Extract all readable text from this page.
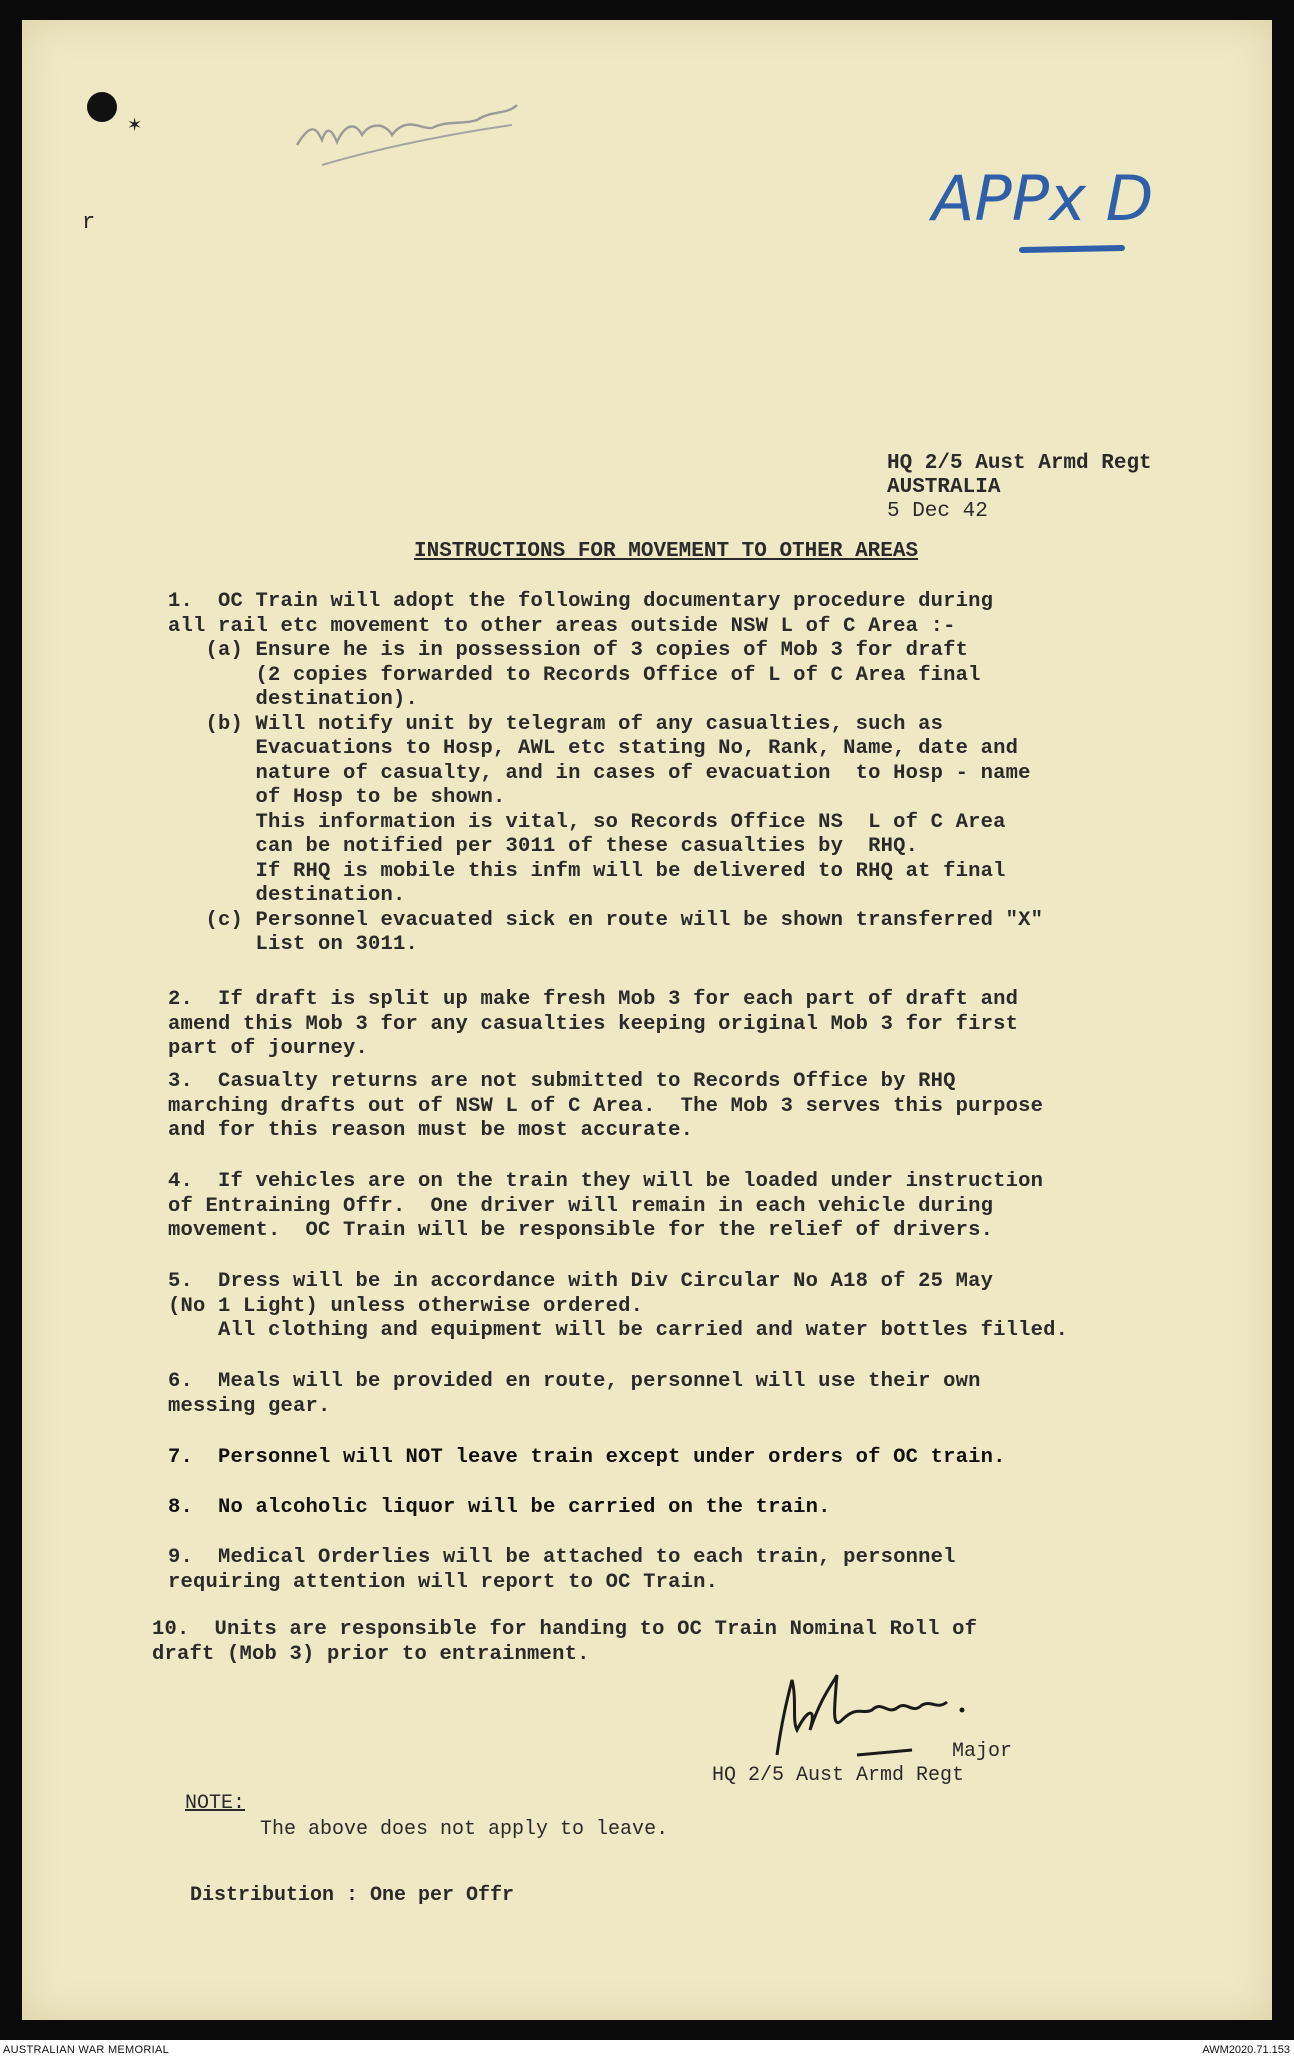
✶
r	APPx D
HQ 2/5 Aust Armd Regt
AUSTRALIA
5 Dec 42
INSTRUCTIONS FOR MOVEMENT TO OTHER AREAS
1.  OC Train will adopt the following documentary procedure during
all rail etc movement to other areas outside NSW L of C Area :-
(a) Ensure he is in possession of 3 copies of Mob 3 for draft
(2 copies forwarded to Records Office of L of C Area final
destination).
(b) Will notify unit by telegram of any casualties, such as
Evacuations to Hosp, AWL etc stating No, Rank, Name, date and
nature of casualty, and in cases of evacuation  to Hosp - name
of Hosp to be shown.
This information is vital, so Records Office NS  L of C Area
can be notified per 3011 of these casualties by  RHQ.
If RHQ is mobile this infm will be delivered to RHQ at final
destination.
(c) Personnel evacuated sick en route will be shown transferred "X"
List on 3011.
2.  If draft is split up make fresh Mob 3 for each part of draft and
amend this Mob 3 for any casualties keeping original Mob 3 for first
part of journey.
3.  Casualty returns are not submitted to Records Office by RHQ
marching drafts out of NSW L of C Area.  The Mob 3 serves this purpose
and for this reason must be most accurate.
4.  If vehicles are on the train they will be loaded under instruction
of Entraining Offr.  One driver will remain in each vehicle during
movement.  OC Train will be responsible for the relief of drivers.
5.  Dress will be in accordance with Div Circular No A18 of 25 May
(No 1 Light) unless otherwise ordered.
All clothing and equipment will be carried and water bottles filled.
6.  Meals will be provided en route, personnel will use their own
messing gear.
7.  Personnel will NOT leave train except under orders of OC train.
8.  No alcoholic liquor will be carried on the train.
9.  Medical Orderlies will be attached to each train, personnel
requiring attention will report to OC Train.
10.  Units are responsible for handing to OC Train Nominal Roll of
draft (Mob 3) prior to entrainment.
Major
HQ 2/5 Aust Armd Regt
NOTE:
The above does not apply to leave.
Distribution : One per Offr
AUSTRALIAN WAR MEMORIAL	AWM2020.71.153
